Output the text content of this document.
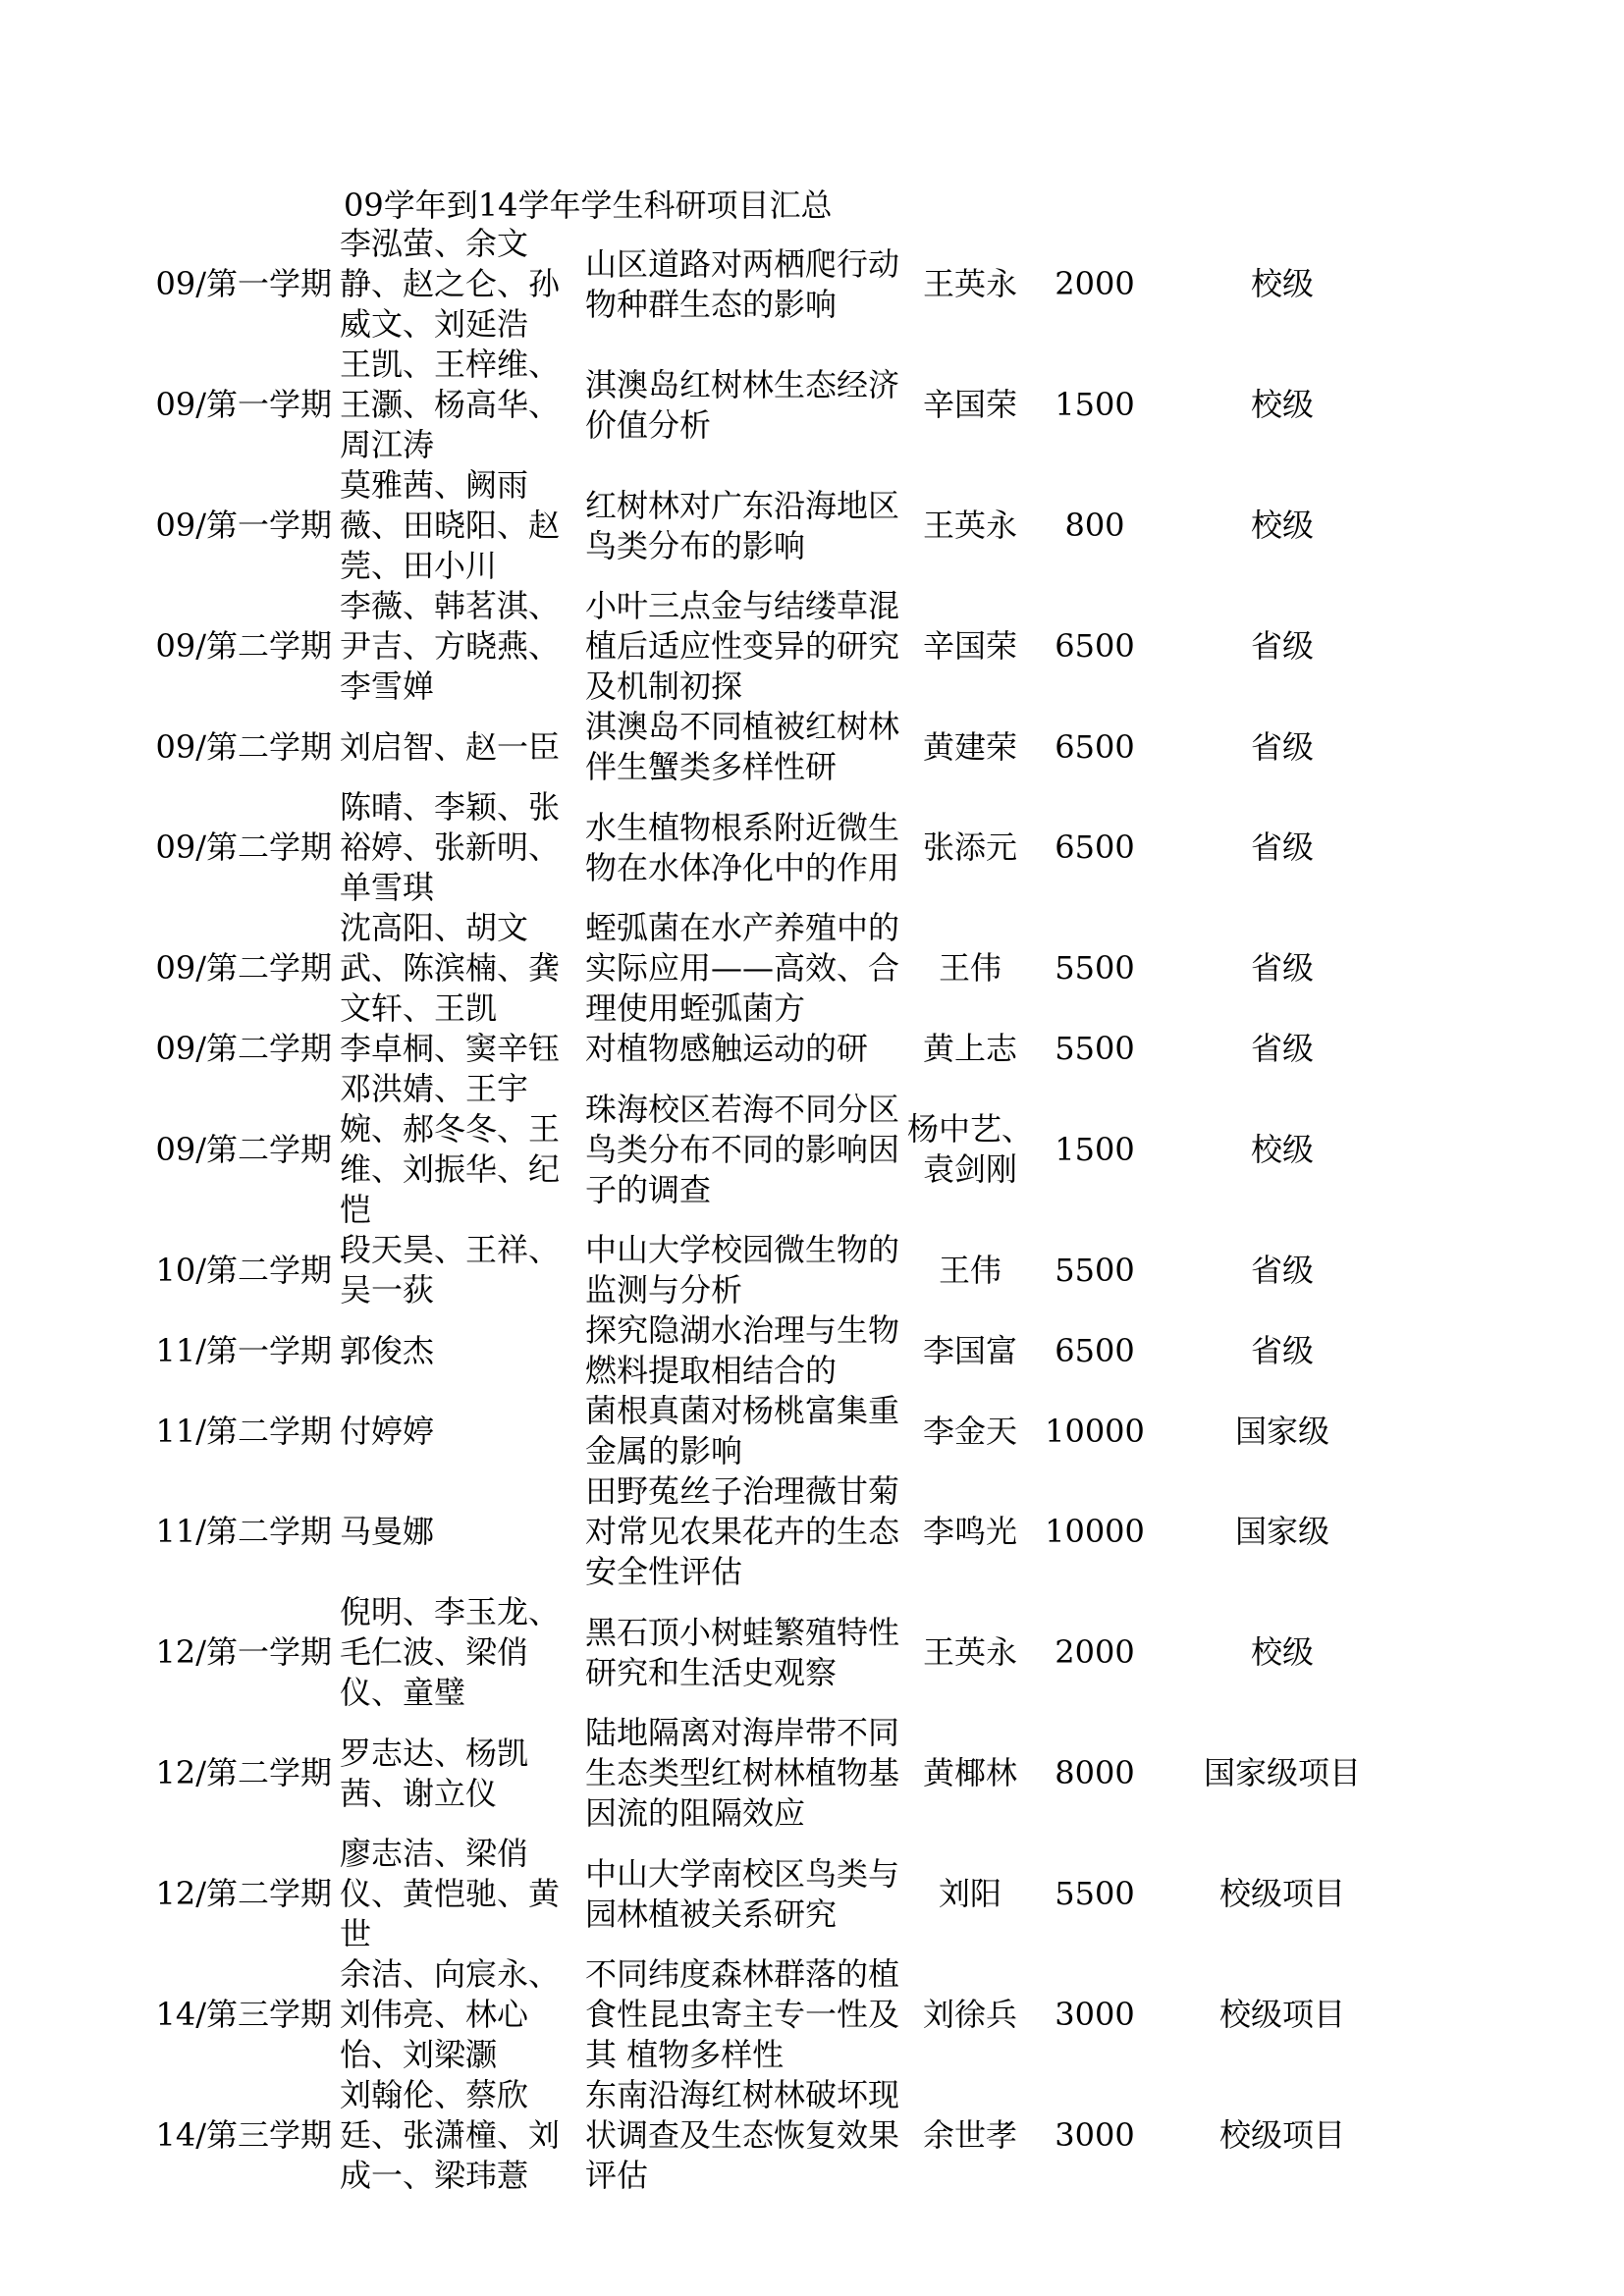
09学年到14学年学生科研项目汇总
09/第一学期	李泓萤、余文静、赵之仑、孙威文、刘延浩	山区道路对两栖爬行动物种群生态的影响	王英永	2000	校级
09/第一学期	王凯、王梓维、王灏、杨高华、周江涛	淇澳岛红树林生态经济价值分析	辛国荣	1500	校级
09/第一学期	莫雅茜、阙雨薇、田晓阳、赵莞、田小川	红树林对广东沿海地区鸟类分布的影响	王英永	800	校级
09/第二学期	李薇、韩茗淇、尹吉、方晓燕、李雪婵	小叶三点金与结缕草混植后适应性变异的研究及机制初探	辛国荣	6500	省级
09/第二学期	刘启智、赵一臣	淇澳岛不同植被红树林伴生蟹类多样性研	黄建荣	6500	省级
09/第二学期	陈晴、李颖、张裕婷、张新明、单雪琪	水生植物根系附近微生物在水体净化中的作用	张添元	6500	省级
09/第二学期	沈高阳、胡文武、陈滨楠、龚文轩、王凯	蛭弧菌在水产养殖中的实际应用——高效、合理使用蛭弧菌方	王伟	5500	省级
09/第二学期	李卓桐、窦辛钰	对植物感触运动的研	黄上志	5500	省级
09/第二学期	邓洪婧、王宇婉、郝冬冬、王维、刘振华、纪恺	珠海校区若海不同分区鸟类分布不同的影响因子的调查	杨中艺、袁剑刚	1500	校级
10/第二学期	段天昊、王祥、吴一荻	中山大学校园微生物的监测与分析	王伟	5500	省级
11/第一学期	郭俊杰	探究隐湖水治理与生物燃料提取相结合的	李国富	6500	省级
11/第二学期	付婷婷	菌根真菌对杨桃富集重金属的影响	李金天	10000	国家级
11/第二学期	马曼娜	田野菟丝子治理薇甘菊对常见农果花卉的生态安全性评估	李鸣光	10000	国家级
12/第一学期	倪明、李玉龙、毛仁波、梁俏仪、童璧	黑石顶小树蛙繁殖特性研究和生活史观察	王英永	2000	校级
12/第二学期	罗志达、杨凯茜、谢立仪	陆地隔离对海岸带不同生态类型红树林植物基因流的阻隔效应	黄椰林	8000	国家级项目
12/第二学期	廖志洁、梁俏仪、黄恺驰、黄世	中山大学南校区鸟类与园林植被关系研究	刘阳	5500	校级项目
14/第三学期	余洁、向宸永、刘伟亮、林心怡、刘梁灏	不同纬度森林群落的植食性昆虫寄主专一性及其 植物多样性	刘徐兵	3000	校级项目
14/第三学期	刘翰伦、蔡欣廷、张潇橦、刘成一、梁玮薏	东南沿海红树林破坏现状调查及生态恢复效果评估	余世孝	3000	校级项目
